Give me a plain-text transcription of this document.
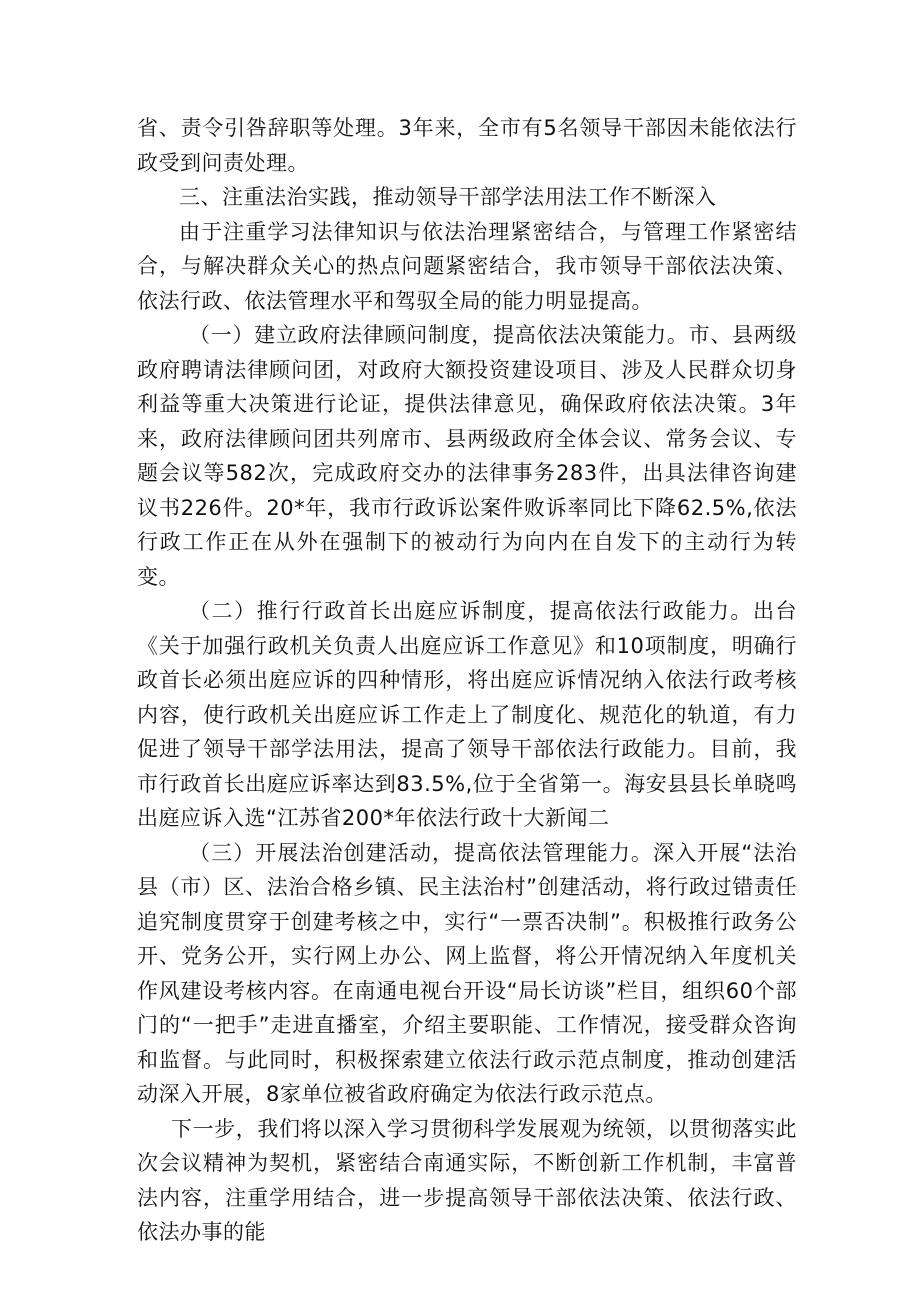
省、责令引咎辞职等处理。3年来，全市有5名领导干部因未能依法行政受到问责处理。

三、注重法治实践，推动领导干部学法用法工作不断深入

由于注重学习法律知识与依法治理紧密结合，与管理工作紧密结合，与解决群众关心的热点问题紧密结合，我市领导干部依法决策、依法行政、依法管理水平和驾驭全局的能力明显提高。

（一）建立政府法律顾问制度，提高依法决策能力。市、县两级政府聘请法律顾问团，对政府大额投资建设项目、涉及人民群众切身利益等重大决策进行论证，提供法律意见，确保政府依法决策。3年来，政府法律顾问团共列席市、县两级政府全体会议、常务会议、专题会议等582次，完成政府交办的法律事务283件，出具法律咨询建议书226件。20*年，我市行政诉讼案件败诉率同比下降62.5%,依法行政工作正在从外在强制下的被动行为向内在自发下的主动行为转变。

（二）推行行政首长出庭应诉制度，提高依法行政能力。出台《关于加强行政机关负责人出庭应诉工作意见》和10项制度，明确行政首长必须出庭应诉的四种情形，将出庭应诉情况纳入依法行政考核内容，使行政机关出庭应诉工作走上了制度化、规范化的轨道，有力促进了领导干部学法用法，提高了领导干部依法行政能力。目前，我市行政首长出庭应诉率达到83.5%,位于全省第一。海安县县长单晓鸣出庭应诉入选“江苏省200*年依法行政十大新闻二

（三）开展法治创建活动，提高依法管理能力。深入开展“法治县（市）区、法治合格乡镇、民主法治村”创建活动，将行政过错责任追究制度贯穿于创建考核之中，实行“一票否决制”。积极推行政务公开、党务公开，实行网上办公、网上监督，将公开情况纳入年度机关作风建设考核内容。在南通电视台开设“局长访谈”栏目，组织60个部门的“一把手”走进直播室，介绍主要职能、工作情况，接受群众咨询和监督。与此同时，积极探索建立依法行政示范点制度，推动创建活动深入开展，8家单位被省政府确定为依法行政示范点。

下一步，我们将以深入学习贯彻科学发展观为统领，以贯彻落实此次会议精神为契机，紧密结合南通实际，不断创新工作机制，丰富普法内容，注重学用结合，进一步提高领导干部依法决策、依法行政、依法办事的能
